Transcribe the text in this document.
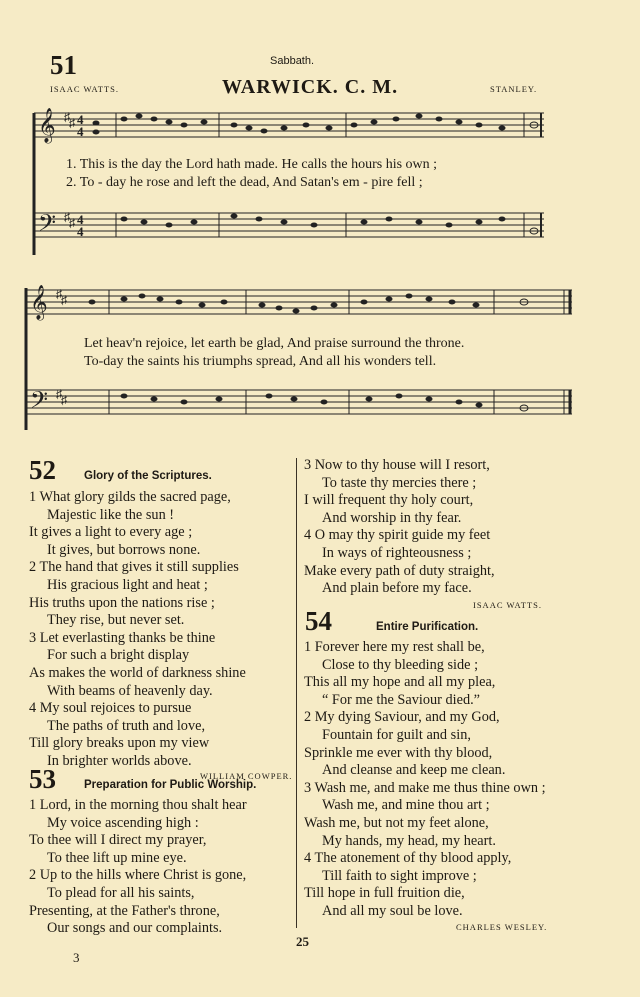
51	Sabbath.
ISAAC WATTS.	WARWICK. C. M.	STANLEY.
𝄞
𝄢
♯ ♯
♯ ♯
4
4
4
4
1. This is the day the Lord hath made. He calls the hours his own ;
2. To - day he rose and left the dead, And Satan's em - pire fell ;
𝄞
𝄢
♯ ♯
♯ ♯
Let heav'n rejoice, let earth be glad, And praise surround the throne.
To-day the saints his triumphs spread, And all his wonders tell.
52 Glory of the Scriptures.
1 What glory gilds the sacred page,
Majestic like the sun !
It gives a light to every age ;
It gives, but borrows none.
2 The hand that gives it still supplies
His gracious light and heat ;
His truths upon the nations rise ;
They rise, but never set.
3 Let everlasting thanks be thine
For such a bright display
As makes the world of darkness shine
With beams of heavenly day.
4 My soul rejoices to pursue
The paths of truth and love,
Till glory breaks upon my view
In brighter worlds above.
WILLIAM COWPER.
53 Preparation for Public Worship.
1 Lord, in the morning thou shalt hear
My voice ascending high :
To thee will I direct my prayer,
To thee lift up mine eye.
2 Up to the hills where Christ is gone,
To plead for all his saints,
Presenting, at the Father's throne,
Our songs and our complaints.
3 Now to thy house will I resort,
To taste thy mercies there ;
I will frequent thy holy court,
And worship in thy fear.
4 O may thy spirit guide my feet
In ways of righteousness ;
Make every path of duty straight,
And plain before my face.
ISAAC WATTS.
54	Entire Purification.
1 Forever here my rest shall be,
Close to thy bleeding side ;
This all my hope and all my plea,
“ For me the Saviour died.”
2 My dying Saviour, and my God,
Fountain for guilt and sin,
Sprinkle me ever with thy blood,
And cleanse and keep me clean.
3 Wash me, and make me thus thine own ;
Wash me, and mine thou art ;
Wash me, but not my feet alone,
My hands, my head, my heart.
4 The atonement of thy blood apply,
Till faith to sight improve ;
Till hope in full fruition die,
And all my soul be love.
CHARLES WESLEY.
25
3
